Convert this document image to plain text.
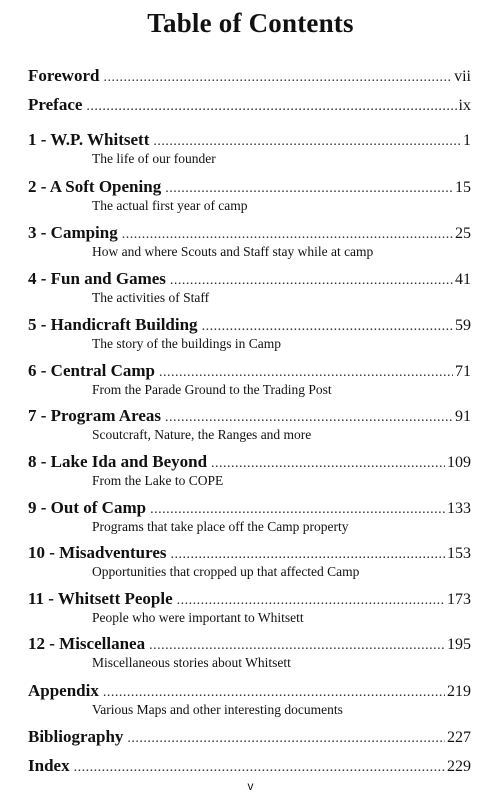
Table of Contents
Foreword .....	vii
Preface .....	ix
1 - W.P. Whitsett .....	1
The life of our founder
2 - A Soft Opening .....	15
The actual first year of camp
3 - Camping .....	25
How and where Scouts and Staff stay while at camp
4 - Fun and Games .....	41
The activities of Staff
5 - Handicraft Building .....	59
The story of the buildings in Camp
6 - Central Camp .....	71
From the Parade Ground to the Trading Post
7 - Program Areas .....	91
Scoutcraft, Nature, the Ranges and more
8 - Lake Ida and Beyond .....	109
From the Lake to COPE
9 - Out of Camp .....	133
Programs that take place off the Camp property
10 - Misadventures .....	153
Opportunities that cropped up that affected Camp
11 - Whitsett People .....	173
People who were important to Whitsett
12 - Miscellanea .....	195
Miscellaneous stories about Whitsett
Appendix .....	219
Various Maps and other interesting documents
Bibliography .....	227
Index .....	229
v
